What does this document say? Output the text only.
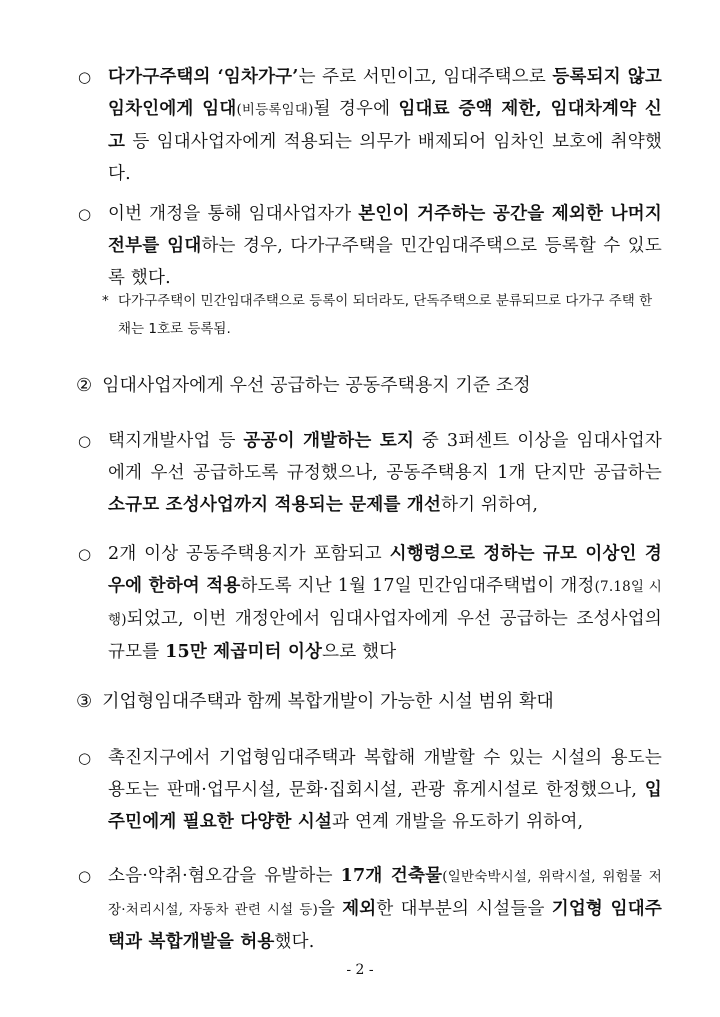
○ 다가구주택의 ‘임차가구’는 주로 서민이고, 임대주택으로 등록되지 않고 임차인에게 임대(비등록임대)될 경우에 임대료 증액 제한, 임대차계약 신고 등 임대사업자에게 적용되는 의무가 배제되어 임차인 보호에 취약했다.
○ 이번 개정을 통해 임대사업자가 본인이 거주하는 공간을 제외한 나머지 전부를 임대하는 경우, 다가구주택을 민간임대주택으로 등록할 수 있도록 했다.
* 다가구주택이 민간임대주택으로 등록이 되더라도, 단독주택으로 분류되므로 다가구 주택 한 채는 1호로 등록됨.
② 임대사업자에게 우선 공급하는 공동주택용지 기준 조정
○ 택지개발사업 등 공공이 개발하는 토지 중 3퍼센트 이상을 임대사업자에게 우선 공급하도록 규정했으나, 공동주택용지 1개 단지만 공급하는 소규모 조성사업까지 적용되는 문제를 개선하기 위하여,
○ 2개 이상 공동주택용지가 포함되고 시행령으로 정하는 규모 이상인 경우에 한하여 적용하도록 지난 1월 17일 민간임대주택법이 개정(7.18일 시행)되었고, 이번 개정안에서 임대사업자에게 우선 공급하는 조성사업의 규모를 15만 제곱미터 이상으로 했다
③ 기업형임대주택과 함께 복합개발이 가능한 시설 범위 확대
○ 촉진지구에서 기업형임대주택과 복합해 개발할 수 있는 시설의 용도는 용도는 판매·업무시설, 문화·집회시설, 관광 휴게시설로 한정했으나, 입주민에게 필요한 다양한 시설과 연계 개발을 유도하기 위하여,
○ 소음·악취·혐오감을 유발하는 17개 건축물(일반숙박시설, 위락시설, 위험물 저장·처리시설, 자동차 관련 시설 등)을 제외한 대부분의 시설들을 기업형 임대주택과 복합개발을 허용했다.
- 2 -
